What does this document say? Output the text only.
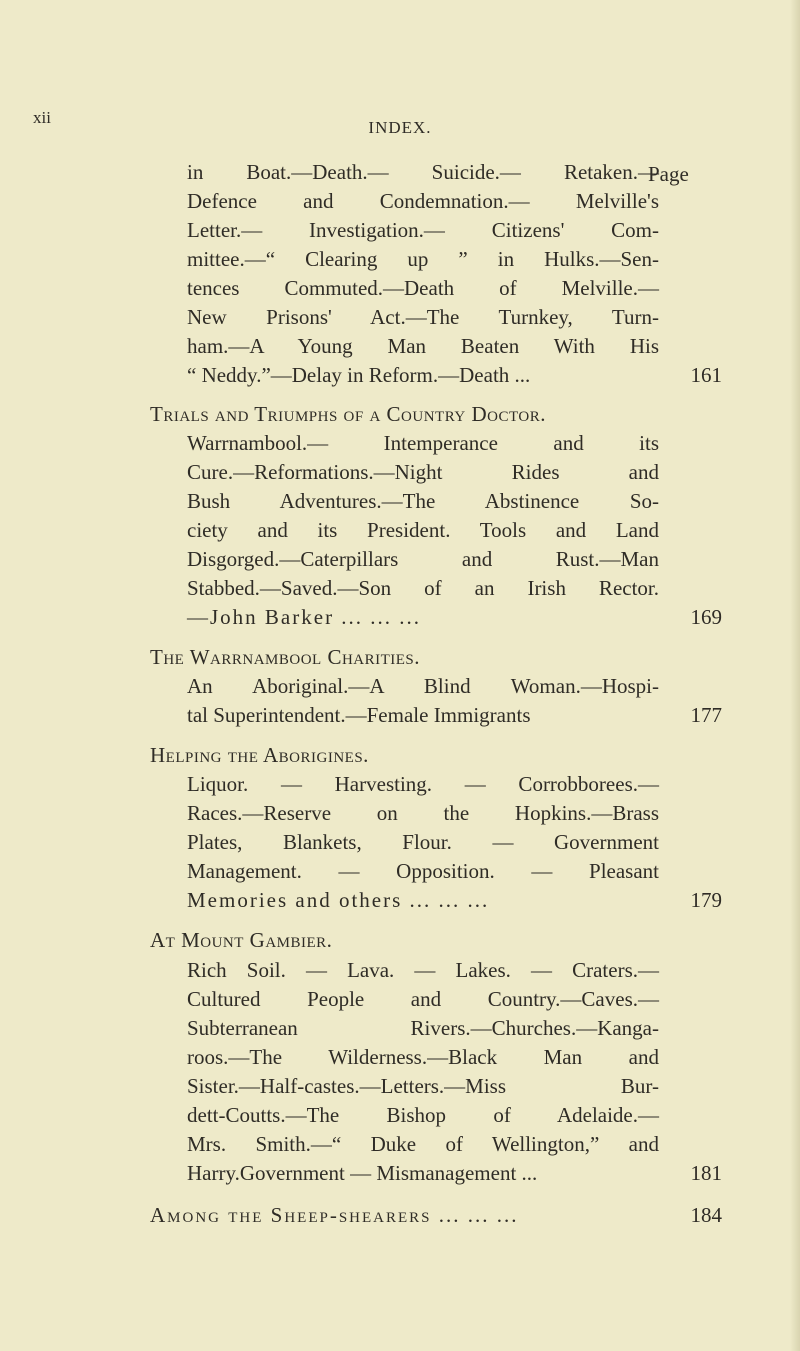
xii
INDEX.
Page
in Boat.—Death.— Suicide.— Retaken.—
Defence and Condemnation.— Melville's
Letter.— Investigation.— Citizens' Com-
mittee.—“ Clearing up ” in Hulks.—Sen-
tences Commuted.—Death of Melville.—
New Prisons' Act.—The Turnkey, Turn-
ham.—A Young Man Beaten With His
“ Neddy.”—Delay in Reform.—Death ...	161
Trials and Triumphs of a Country Doctor.
Warrnambool.— Intemperance and its
Cure.—Reformations.—Night Rides and
Bush Adventures.—The Abstinence So-
ciety and its President. Tools and Land
Disgorged.—Caterpillars and Rust.—Man
Stabbed.—Saved.—Son of an Irish Rector.
—John Barker ... ... ...	169
The Warrnambool Charities.
An Aboriginal.—A Blind Woman.—Hospi-
tal Superintendent.—Female Immigrants	177
Helping the Aborigines.
Liquor. — Harvesting. — Corrobborees.—
Races.—Reserve on the Hopkins.—Brass
Plates, Blankets, Flour. — Government
Management. — Opposition. — Pleasant
Memories and others ... ... ...	179
At Mount Gambier.
Rich Soil. — Lava. — Lakes. — Craters.—
Cultured People and Country.—Caves.—
Subterranean Rivers.—Churches.—Kanga-
roos.—The Wilderness.—Black Man and
Sister.—Half-castes.—Letters.—Miss Bur-
dett-Coutts.—The Bishop of Adelaide.—
Mrs. Smith.—“ Duke of Wellington,” and
Harry.Government — Mismanagement ...	181
Among the Sheep-shearers ... ... ...	184
